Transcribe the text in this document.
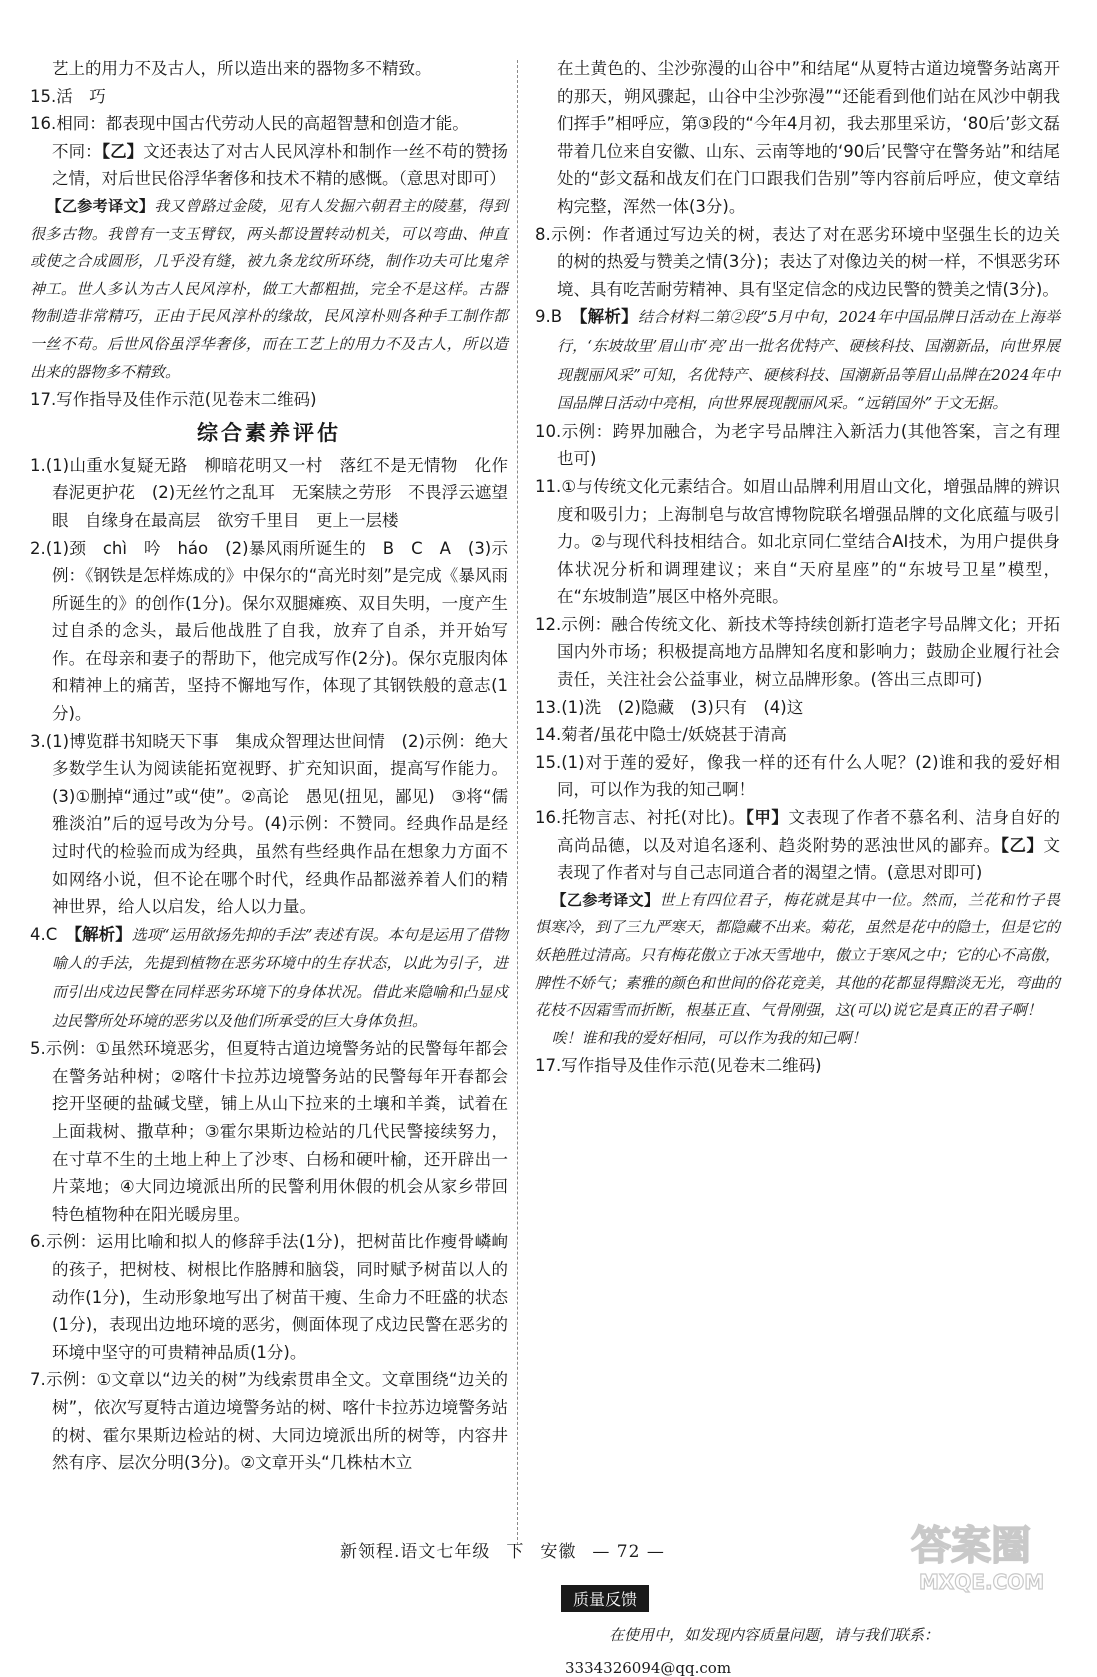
艺上的用力不及古人，所以造出来的器物多不精致。

15.活　巧

16.相同：都表现中国古代劳动人民的高超智慧和创造才能。

不同：【乙】文还表达了对古人民风淳朴和制作一丝不苟的赞扬之情，对后世民俗浮华奢侈和技术不精的感慨。（意思对即可）

【乙参考译文】我又曾路过金陵，见有人发掘六朝君主的陵墓，得到很多古物。我曾有一支玉臂钗，两头都设置转动机关，可以弯曲、伸直或使之合成圆形，几乎没有缝，被九条龙纹所环绕，制作功夫可比鬼斧神工。世人多认为古人民风淳朴，做工大都粗拙，完全不是这样。古器物制造非常精巧，正由于民风淳朴的缘故，民风淳朴则各种手工制作都一丝不苟。后世风俗虽浮华奢侈，而在工艺上的用力不及古人，所以造出来的器物多不精致。

17.写作指导及佳作示范(见卷末二维码)

综合素养评估

1.(1)山重水复疑无路　柳暗花明又一村　落红不是无情物　化作春泥更护花　(2)无丝竹之乱耳　无案牍之劳形　不畏浮云遮望眼　自缘身在最高层　欲穷千里目　更上一层楼

2.(1)颈　chì　吟　háo　(2)暴风雨所诞生的　B　C　A　(3)示例：《钢铁是怎样炼成的》中保尔的“高光时刻”是完成《暴风雨所诞生的》的创作(1分)。保尔双腿瘫痪、双目失明，一度产生过自杀的念头，最后他战胜了自我，放弃了自杀，并开始写作。在母亲和妻子的帮助下，他完成写作(2分)。保尔克服肉体和精神上的痛苦，坚持不懈地写作，体现了其钢铁般的意志(1分)。

3.(1)博览群书知晓天下事　集成众智理达世间情　(2)示例：绝大多数学生认为阅读能拓宽视野、扩充知识面，提高写作能力。(3)①删掉“通过”或“使”。②高论　愚见(扭见，鄙见)　③将“儒雅淡泊”后的逗号改为分号。(4)示例：不赞同。经典作品是经过时代的检验而成为经典，虽然有些经典作品在想象力方面不如网络小说，但不论在哪个时代，经典作品都滋养着人们的精神世界，给人以启发，给人以力量。

4.C　【解析】选项“运用欲扬先抑的手法”表述有误。本句是运用了借物喻人的手法，先提到植物在恶劣环境中的生存状态，以此为引子，进而引出戍边民警在同样恶劣环境下的身体状况。借此来隐喻和凸显戍边民警所处环境的恶劣以及他们所承受的巨大身体负担。

5.示例：①虽然环境恶劣，但夏特古道边境警务站的民警每年都会在警务站种树；②喀什卡拉苏边境警务站的民警每年开春都会挖开坚硬的盐碱戈壁，铺上从山下拉来的土壤和羊粪，试着在上面栽树、撒草种；③霍尔果斯边检站的几代民警接续努力，在寸草不生的土地上种上了沙枣、白杨和硬叶榆，还开辟出一片菜地；④大同边境派出所的民警利用休假的机会从家乡带回特色植物种在阳光暖房里。

6.示例：运用比喻和拟人的修辞手法(1分)，把树苗比作瘦骨嶙峋的孩子，把树枝、树根比作胳膊和脑袋，同时赋予树苗以人的动作(1分)，生动形象地写出了树苗干瘦、生命力不旺盛的状态(1分)，表现出边地环境的恶劣，侧面体现了戍边民警在恶劣的环境中坚守的可贵精神品质(1分)。

7.示例：①文章以“边关的树”为线索贯串全文。文章围绕“边关的树”，依次写夏特古道边境警务站的树、喀什卡拉苏边境警务站的树、霍尔果斯边检站的树、大同边境派出所的树等，内容井然有序、层次分明(3分)。②文章开头“几株枯木立

在土黄色的、尘沙弥漫的山谷中”和结尾“从夏特古道边境警务站离开的那天，朔风骤起，山谷中尘沙弥漫”“还能看到他们站在风沙中朝我们挥手”相呼应，第③段的“今年4月初，我去那里采访，‘80后’彭文磊带着几位来自安徽、山东、云南等地的‘90后’民警守在警务站”和结尾处的“彭文磊和战友们在门口跟我们告别”等内容前后呼应，使文章结构完整，浑然一体(3分)。

8.示例：作者通过写边关的树，表达了对在恶劣环境中坚强生长的边关的树的热爱与赞美之情(3分)；表达了对像边关的树一样，不惧恶劣环境、具有吃苦耐劳精神、具有坚定信念的戍边民警的赞美之情(3分)。

9.B　【解析】结合材料二第②段“5月中旬，2024年中国品牌日活动在上海举行，‘东坡故里’眉山市‘亮’出一批名优特产、硬核科技、国潮新品，向世界展现靓丽风采”可知，名优特产、硬核科技、国潮新品等眉山品牌在2024年中国品牌日活动中亮相，向世界展现靓丽风采。“远销国外”于文无据。

10.示例：跨界加融合，为老字号品牌注入新活力(其他答案，言之有理也可)

11.①与传统文化元素结合。如眉山品牌利用眉山文化，增强品牌的辨识度和吸引力；上海制皂与故宫博物院联名增强品牌的文化底蕴与吸引力。②与现代科技相结合。如北京同仁堂结合AI技术，为用户提供身体状况分析和调理建议；来自“天府星座”的“东坡号卫星”模型，在“东坡制造”展区中格外亮眼。

12.示例：融合传统文化、新技术等持续创新打造老字号品牌文化；开拓国内外市场；积极提高地方品牌知名度和影响力；鼓励企业履行社会责任，关注社会公益事业，树立品牌形象。(答出三点即可)

13.(1)洗　(2)隐藏　(3)只有　(4)这

14.菊者/虽花中隐士/妖娆甚于清高

15.(1)对于莲的爱好，像我一样的还有什么人呢？(2)谁和我的爱好相同，可以作为我的知己啊！

16.托物言志、衬托(对比)。【甲】文表现了作者不慕名利、洁身自好的高尚品德，以及对追名逐利、趋炎附势的恶浊世风的鄙弃。【乙】文表现了作者对与自己志同道合者的渴望之情。(意思对即可)

【乙参考译文】世上有四位君子，梅花就是其中一位。然而，兰花和竹子畏惧寒冷，到了三九严寒天，都隐藏不出来。菊花，虽然是花中的隐士，但是它的妖艳胜过清高。只有梅花傲立于冰天雪地中，傲立于寒风之中；它的心不高傲，脾性不娇气；素雅的颜色和世间的俗花竞美，其他的花都显得黯淡无光，弯曲的花枝不因霜雪而折断，根基正直、气骨刚强，这(可以)说它是真正的君子啊！

唉！谁和我的爱好相同，可以作为我的知己啊！

17.写作指导及佳作示范(见卷末二维码)

质量反馈
在使用中，如发现内容质量问题，请与我们联系：
3334326094@qq.com
新领程.语文七年级 下 安徽 — 72 —	答案圈
MXQE.COM
